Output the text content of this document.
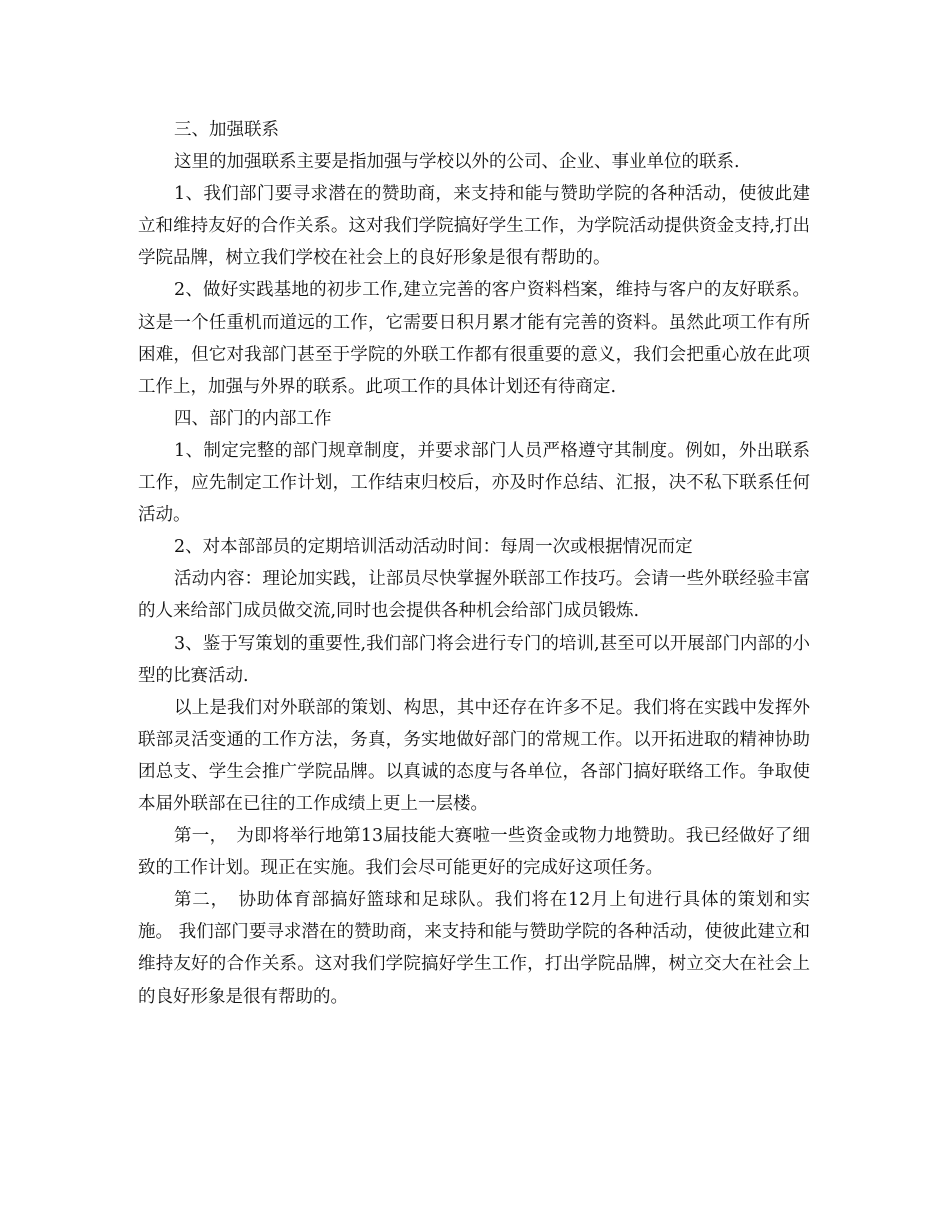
三、加强联系

这里的加强联系主要是指加强与学校以外的公司、企业、事业单位的联系.

1、我们部门要寻求潜在的赞助商，来支持和能与赞助学院的各种活动，使彼此建立和维持友好的合作关系。这对我们学院搞好学生工作，为学院活动提供资金支持,打出学院品牌，树立我们学校在社会上的良好形象是很有帮助的。

2、做好实践基地的初步工作,建立完善的客户资料档案，维持与客户的友好联系。这是一个任重机而道远的工作，它需要日积月累才能有完善的资料。虽然此项工作有所困难，但它对我部门甚至于学院的外联工作都有很重要的意义，我们会把重心放在此项工作上，加强与外界的联系。此项工作的具体计划还有待商定.

四、部门的内部工作

1、制定完整的部门规章制度，并要求部门人员严格遵守其制度。例如，外出联系工作，应先制定工作计划，工作结束归校后，亦及时作总结、汇报，决不私下联系任何活动。

2、对本部部员的定期培训活动活动时间：每周一次或根据情况而定

活动内容：理论加实践，让部员尽快掌握外联部工作技巧。会请一些外联经验丰富的人来给部门成员做交流,同时也会提供各种机会给部门成员锻炼.

3、鉴于写策划的重要性,我们部门将会进行专门的培训,甚至可以开展部门内部的小型的比赛活动.

以上是我们对外联部的策划、构思，其中还存在许多不足。我们将在实践中发挥外联部灵活变通的工作方法，务真，务实地做好部门的常规工作。以开拓进取的精神协助团总支、学生会推广学院品牌。以真诚的态度与各单位，各部门搞好联络工作。争取使本届外联部在已往的工作成绩上更上一层楼。

第一，　为即将举行地第13届技能大赛啦一些资金或物力地赞助。我已经做好了细致的工作计划。现正在实施。我们会尽可能更好的完成好这项任务。

第二，　协助体育部搞好篮球和足球队。我们将在12月上旬进行具体的策划和实施。 我们部门要寻求潜在的赞助商，来支持和能与赞助学院的各种活动，使彼此建立和维持友好的合作关系。这对我们学院搞好学生工作，打出学院品牌，树立交大在社会上的良好形象是很有帮助的。
